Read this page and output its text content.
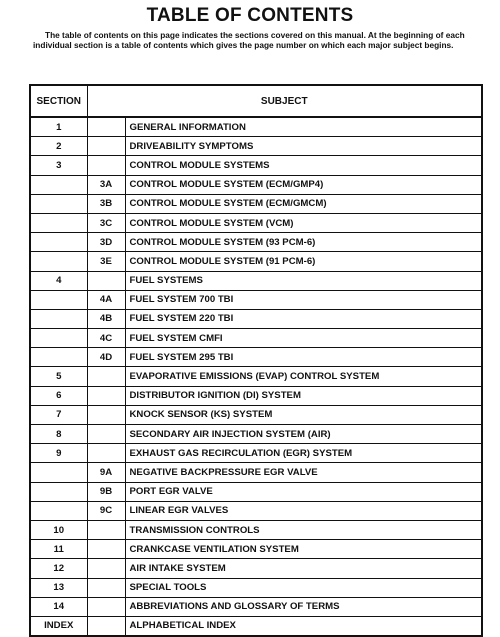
TABLE OF CONTENTS
The table of contents on this page indicates the sections covered on this manual. At the beginning of each individual section is a table of contents which gives the page number on which each major subject begins.
SECTION	SUBJECT	
1		GENERAL INFORMATION
2		DRIVEABILITY SYMPTOMS
3		CONTROL MODULE SYSTEMS
	3A	CONTROL MODULE SYSTEM (ECM/GMP4)
	3B	CONTROL MODULE SYSTEM (ECM/GMCM)
	3C	CONTROL MODULE SYSTEM (VCM)
	3D	CONTROL MODULE SYSTEM (93 PCM-6)
	3E	CONTROL MODULE SYSTEM (91 PCM-6)
4		FUEL SYSTEMS
	4A	FUEL SYSTEM 700 TBI
	4B	FUEL SYSTEM 220 TBI
	4C	FUEL SYSTEM CMFI
	4D	FUEL SYSTEM 295 TBI
5		EVAPORATIVE EMISSIONS (EVAP) CONTROL SYSTEM
6		DISTRIBUTOR IGNITION (DI) SYSTEM
7		KNOCK SENSOR (KS) SYSTEM
8		SECONDARY AIR INJECTION SYSTEM (AIR)
9		EXHAUST GAS RECIRCULATION (EGR) SYSTEM
	9A	NEGATIVE BACKPRESSURE EGR VALVE
	9B	PORT EGR VALVE
	9C	LINEAR EGR VALVES
10		TRANSMISSION CONTROLS
11		CRANKCASE VENTILATION SYSTEM
12		AIR INTAKE SYSTEM
13		SPECIAL TOOLS
14		ABBREVIATIONS AND GLOSSARY OF TERMS
INDEX		ALPHABETICAL INDEX
